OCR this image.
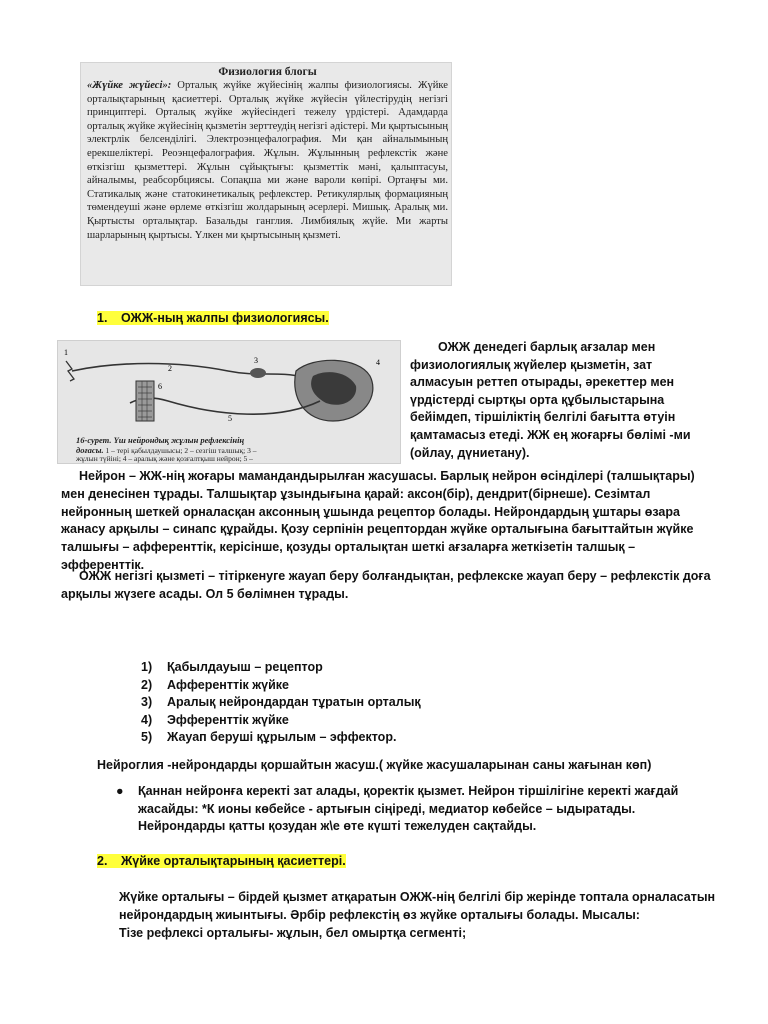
Физиология блогы

«Жүйке жүйесі»: Орталық жүйке жүйесінің жалпы физиологиясы. Жүйке орталықтарының қасиеттері. Орталық жүйке жүйесін үйлестірудің негізгі принциптері. Орталық жүйке жүйесіндегі тежелу үрдістері. Адамдарда орталық жүйке жүйесінің қызметін зерттеудің негізгі әдістері. Ми қыртысының электрлік белсенділігі. Электроэнцефалография. Ми қан айналымының ерекшеліктері. Реоэнцефалография. Жұлын. Жұлынның рефлекстік және өткізгіш қызметтері. Жұлын сұйықтығы: қызметтік мәні, қалыптасуы, айналымы, реабсорбциясы. Сопақша ми және вароли көпірі. Ортаңғы ми. Статикалық және статокинетикалық рефлекстер. Ретикулярлық формацияның төмендеуші және өрлеме өткізгіш жолдарының әсерлері. Мишық. Аралық ми. Қыртысты орталықтар. Базальды ганглия. Лимбиялық жүйе. Ми жарты шарларының қыртысы. Үлкен ми қыртысының қызметі.

1. ОЖЖ-ның жалпы физиологиясы.
1
2
3	4
5
6
16-сурет. Үш нейрондық жұлын рефлексінің доғасы. 1 – тері қабылдаушысы; 2 – сезгіш талшық; 3 – жұлын түйіні; 4 – аралық және қозғалтқыш нейрон; 5 –
ОЖЖ денедегі барлық ағзалар мен физиологиялық жүйелер қызметін, зат алмасуын реттеп отырады, әрекеттер мен үрдістерді сыртқы орта құбылыстарына бейімдеп, тіршіліктің белгілі бағытта өтуін қамтамасыз етеді. ЖЖ ең жоғарғы бөлімі -ми (ойлау, дүниетану).

Нейрон – ЖЖ-нің жоғары мамандандырылған жасушасы. Барлық нейрон өсінділері (талшықтары) мен денесінен тұрады. Талшықтар ұзындығына қарай: аксон(бір), дендрит(бірнеше). Сезімтал нейронның шеткей орналасқан аксонның ұшында рецептор болады. Нейрондардың ұштары өзара жанасу арқылы – синапс құрайды. Қозу серпінін рецептордан жүйке орталығына бағыттайтын жүйке талшығы – афференттік, керісінше, қозуды орталықтан шеткі ағзаларға жеткізетін талшық – эфференттік.

ОЖЖ негізгі қызметі – тітіркенуге жауап беру болғандықтан, рефлекске жауап беру – рефлекстік доға арқылы жүзеге асады. Ол 5 бөлімнен тұрады.

1) Қабылдауыш – рецептор
2) Афференттік жүйке
3) Аралық нейрондардан тұратын орталық
4) Эфференттік жүйке
5) Жауап беруші құрылым – эффектор.

Нейроглия -нейрондарды қоршайтын жасуш.( жүйке жасушаларынан саны жағынан көп)

● Қаннан нейронға керекті зат алады, қоректік қызмет. Нейрон тіршілігіне керекті жағдай жасайды: *К ионы көбейсе - артығын сіңіреді, медиатор көбейсе – ыдыратады. Нейрондарды қатты қозудан ж\е өте күшті тежелуден сақтайды.
2. Жүйке орталықтарының қасиеттері.

Жүйке орталығы – бірдей қызмет атқаратын ОЖЖ-нің белгілі бір жерінде топтала орналасатын нейрондардың жиынтығы. Әрбір рефлекстің өз жүйке орталығы болады. Мысалы:

Тізе рефлексі орталығы- жұлын, бел омыртқа сегменті;
